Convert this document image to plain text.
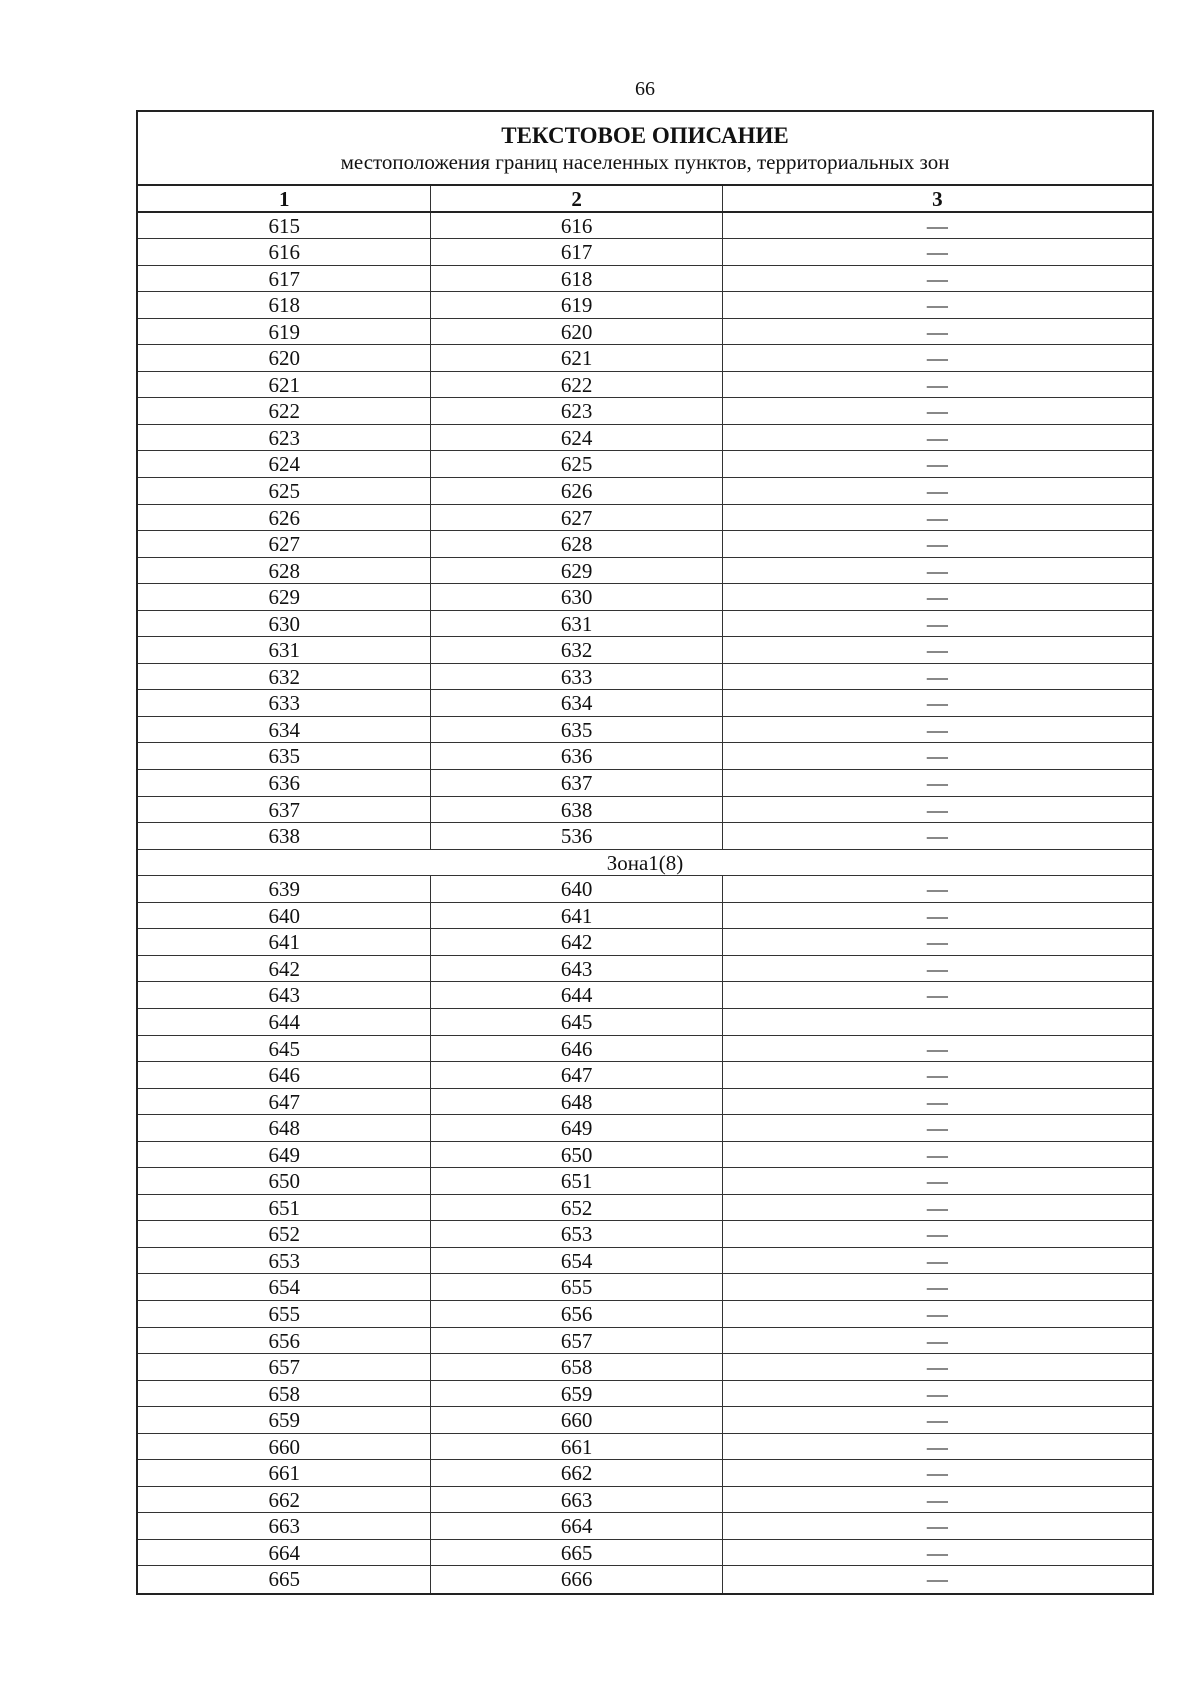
66
ТЕКСТОВОЕ ОПИСАНИЕ
местоположения границ населенных пунктов, территориальных зон
1	2	3
615	616	—
616	617	—
617	618	—
618	619	—
619	620	—
620	621	—
621	622	—
622	623	—
623	624	—
624	625	—
625	626	—
626	627	—
627	628	—
628	629	—
629	630	—
630	631	—
631	632	—
632	633	—
633	634	—
634	635	—
635	636	—
636	637	—
637	638	—
638	536	—
Зона1(8)
639	640	—
640	641	—
641	642	—
642	643	—
643	644	—
644	645
645	646	—
646	647	—
647	648	—
648	649	—
649	650	—
650	651	—
651	652	—
652	653	—
653	654	—
654	655	—
655	656	—
656	657	—
657	658	—
658	659	—
659	660	—
660	661	—
661	662	—
662	663	—
663	664	—
664	665	—
665	666	—
